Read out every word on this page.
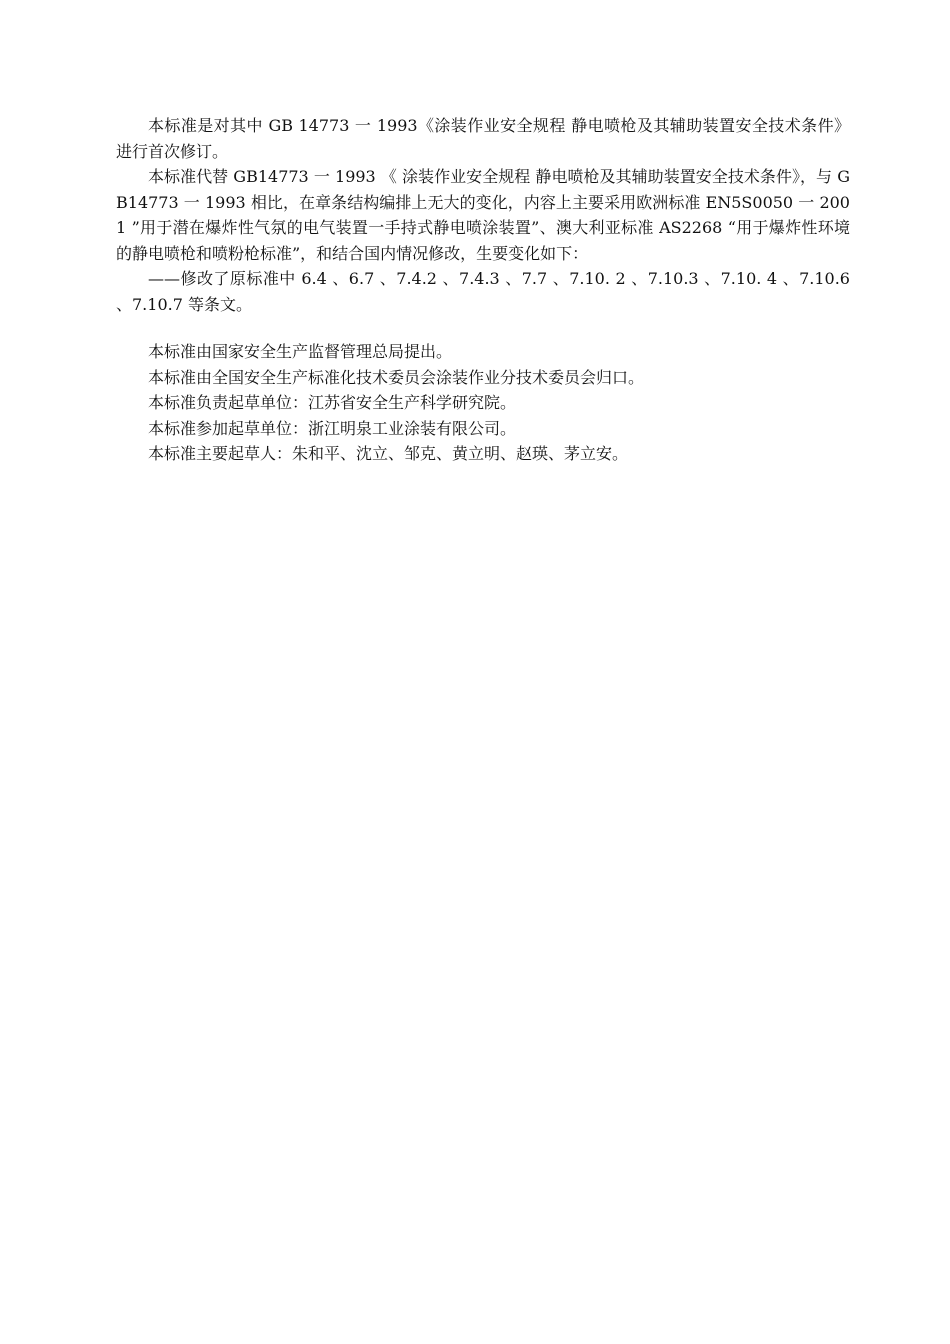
本标准是对其中 GB 14773 一 1993《涂装作业安全规程 静电喷枪及其辅助装置安全技术条件》 进行首次修订。

本标准代替 GB14773 一 1993 《 涂装作业安全规程 静电喷枪及其辅助装置安全技术条件》，与 GB14773 一 1993 相比，在章条结构编排上无大的变化，内容上主要采用欧洲标准 EN5S0050 一 2001 ”用于潜在爆炸性气氛的电气装置一手持式静电喷涂装置”、澳大利亚标准 AS2268 “用于爆炸性环境的静电喷枪和喷粉枪标准”，和结合国内情况修改，生要变化如下：

——修改了原标准中 6.4 、6.7 、7.4.2 、7.4.3 、7.7 、7.10. 2 、7.10.3 、7.10. 4 、7.10.6 、7.10.7 等条文。

本标准由国家安全生产监督管理总局提出。

本标准由全国安全生产标准化技术委员会涂装作业分技术委员会归口。

本标准负责起草单位：江苏省安全生产科学研究院。

本标准参加起草单位：浙江明泉工业涂装有限公司。

本标准主要起草人：朱和平、沈立、邹克、黄立明、赵瑛、茅立安。
